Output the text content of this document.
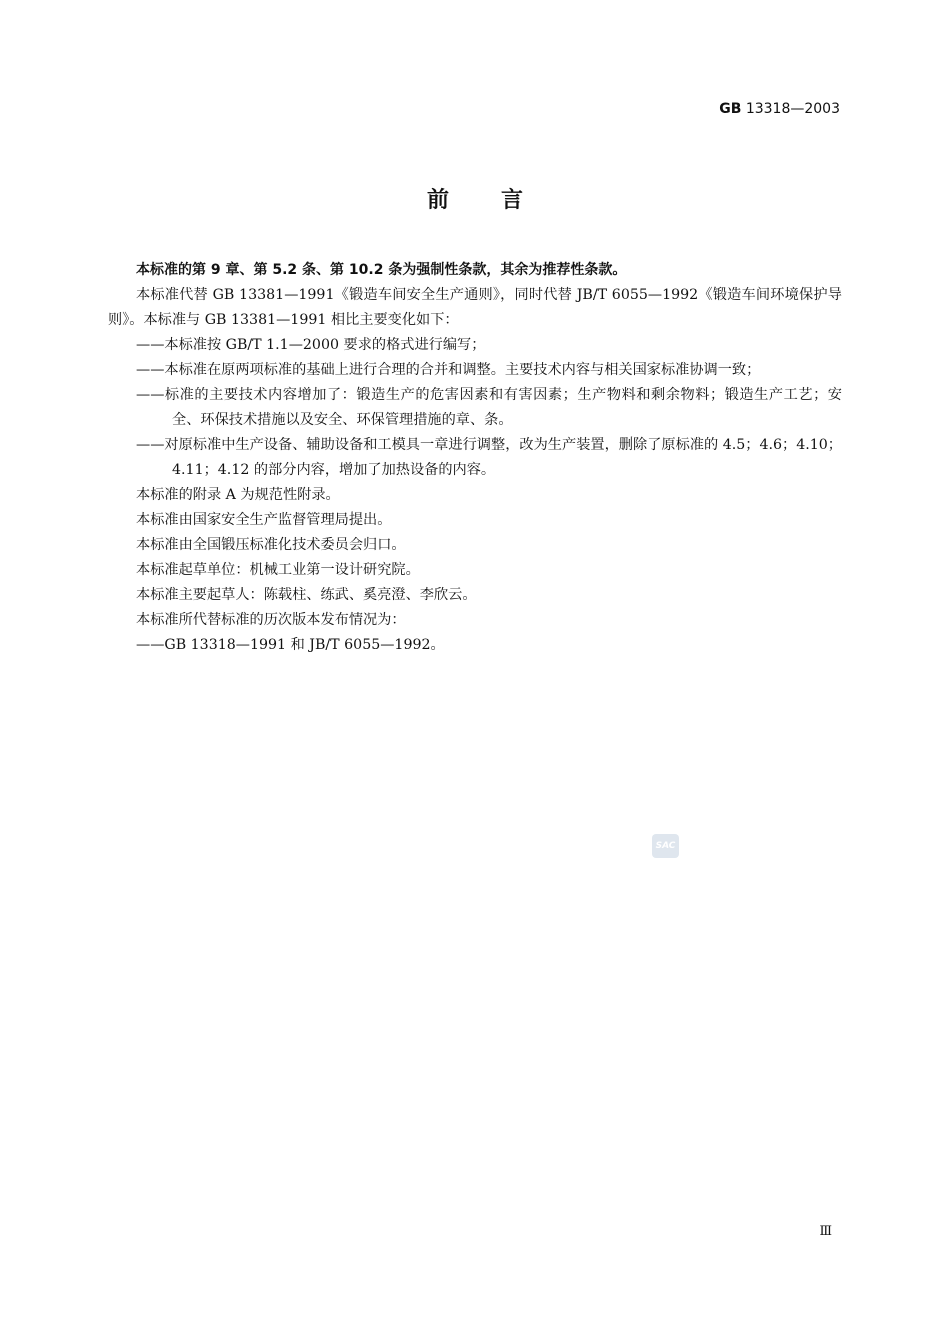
GB 13318—2003
前言

本标准的第 9 章、第 5.2 条、第 10.2 条为强制性条款，其余为推荐性条款。

本标准代替 GB 13381—1991《锻造车间安全生产通则》，同时代替 JB/T 6055—1992《锻造车间环境保护导则》。本标准与 GB 13381—1991 相比主要变化如下：

——本标准按 GB/T 1.1—2000 要求的格式进行编写；

——本标准在原两项标准的基础上进行合理的合并和调整。主要技术内容与相关国家标准协调一致；

——标准的主要技术内容增加了：锻造生产的危害因素和有害因素；生产物料和剩余物料；锻造生产工艺；安全、环保技术措施以及安全、环保管理措施的章、条。

——对原标准中生产设备、辅助设备和工模具一章进行调整，改为生产装置，删除了原标准的 4.5；4.6；4.10；4.11；4.12 的部分内容，增加了加热设备的内容。

本标准的附录 A 为规范性附录。

本标准由国家安全生产监督管理局提出。

本标准由全国锻压标准化技术委员会归口。

本标准起草单位：机械工业第一设计研究院。

本标准主要起草人：陈载柱、练武、奚亮澄、李欣云。

本标准所代替标准的历次版本发布情况为：

——GB 13318—1991 和 JB/T 6055—1992。

SAC
Ⅲ
